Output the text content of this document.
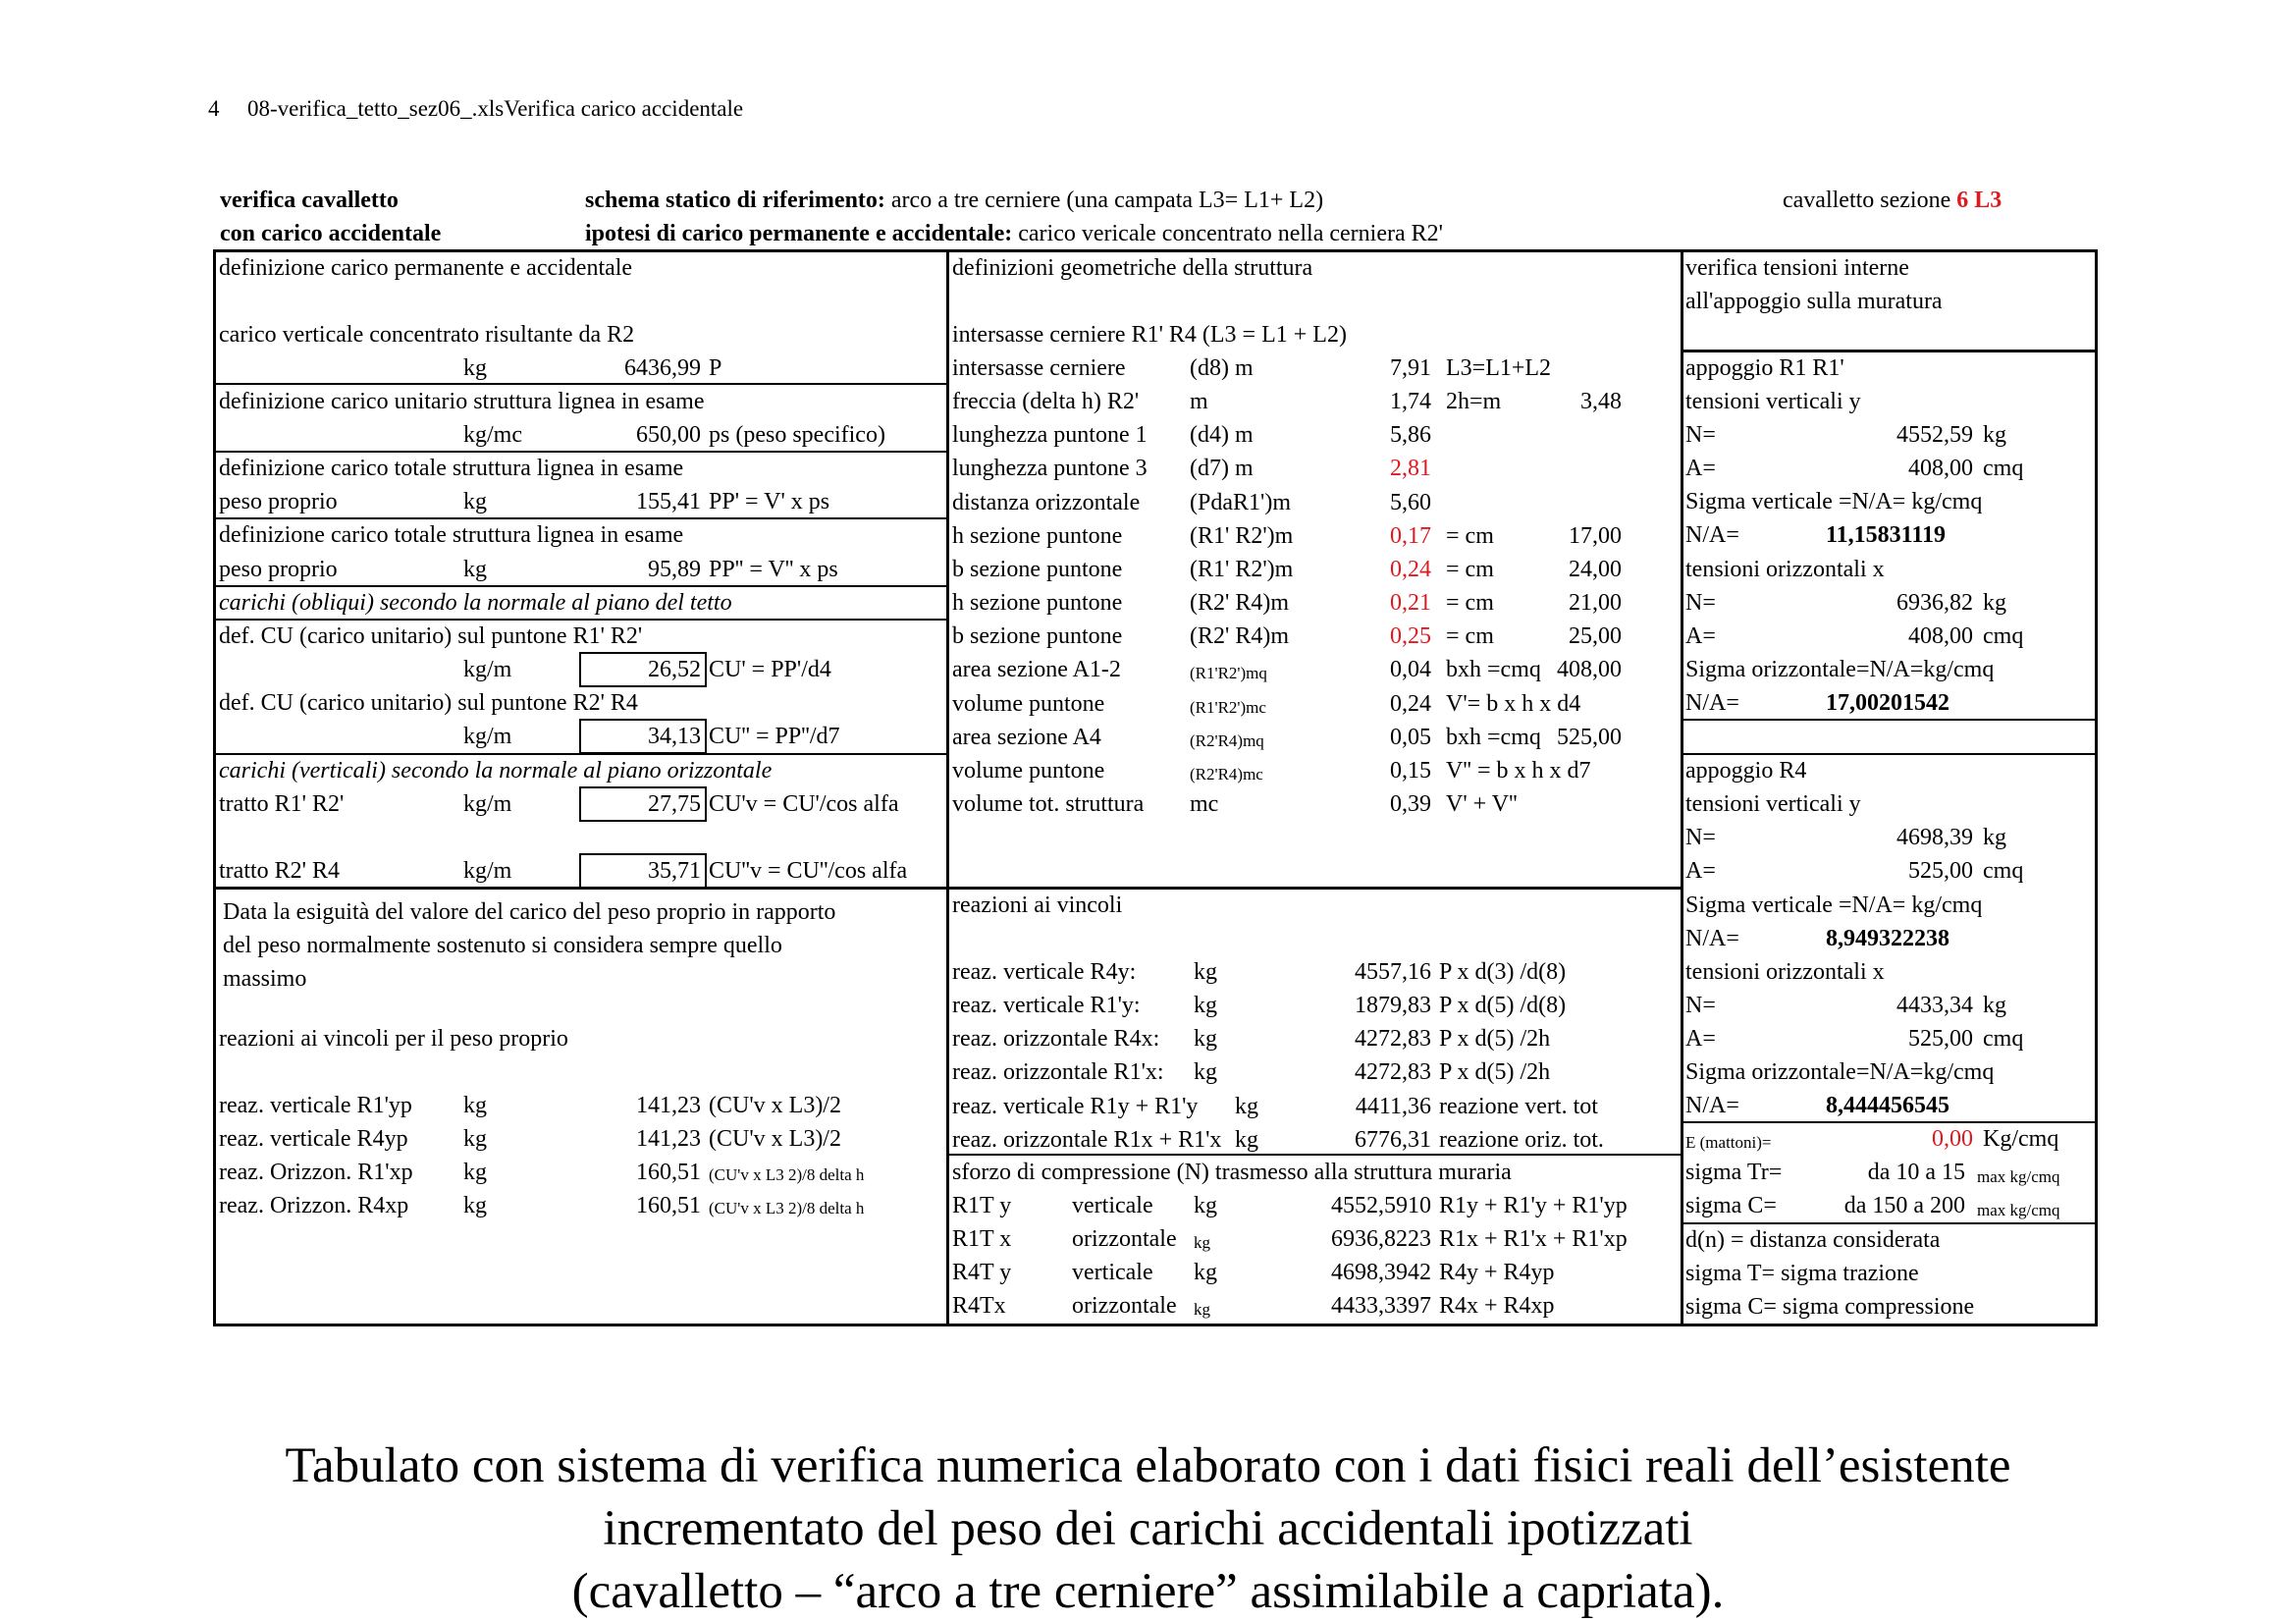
4 08-verifica_tetto_sez06_.xlsVerifica carico accidentale
verifica cavalletto
con carico accidentale
schema statico di riferimento: arco a tre cerniere (una campata L3= L1+ L2)
ipotesi di carico permanente e accidentale: carico vericale concentrato nella cerniera R2'
cavalletto sezione 6 L3
definizione carico permanente e accidentale
carico verticale concentrato risultante da R2
kg	6436,99 P
definizione carico unitario struttura lignea in esame
kg/mc	650,00 ps (peso specifico)
definizione carico totale struttura lignea in esame
peso proprio	kg	155,41 PP' = V' x ps
definizione carico totale struttura lignea in esame
peso proprio	kg	95,89 PP'' = V'' x ps
carichi (obliqui) secondo la normale al piano del tetto
def. CU (carico unitario) sul puntone R1' R2'
kg/m	26,52 CU' = PP'/d4
def. CU (carico unitario) sul puntone R2' R4
kg/m	34,13 CU'' = PP''/d7
carichi (verticali) secondo la normale al piano orizzontale
tratto R1' R2'	kg/m	27,75 CU'v = CU'/cos alfa
tratto R2' R4	kg/m	35,71 CU''v = CU''/cos alfa
Data la esiguità del valore del carico del peso proprio in rapporto
del peso normalmente sostenuto si considera sempre quello
massimo
reazioni ai vincoli per il peso proprio
reaz. verticale R1'yp kg	141,23 (CU'v x L3)/2
reaz. verticale R4yp kg	141,23 (CU'v x L3)/2
reaz. Orizzon. R1'xp kg	160,51 (CU'v x L3 2)/8 delta h
reaz. Orizzon. R4xp kg	160,51 (CU'v x L3 2)/8 delta h
definizioni geometriche della struttura
intersasse cerniere R1' R4 (L3 = L1 + L2)
intersasse cerniere	(d8) m	7,91 L3=L1+L2
freccia (delta h) R2' m	1,74 2h=m	3,48
lunghezza puntone 1 (d4) m	5,86
lunghezza puntone 3 (d7) m	2,81
distanza orizzontale (PdaR1')m	5,60
h sezione puntone	(R1' R2')m	0,17 = cm	17,00
b sezione puntone	(R1' R2')m	0,24 = cm	24,00
h sezione puntone	(R2' R4)m	0,21 = cm	21,00
b sezione puntone	(R2' R4)m	0,25 = cm	25,00
area sezione A1-2	(R1'R2')mq	0,04 bxh =cmq 408,00
volume puntone	(R1'R2')mc	0,24 V'= b x h x d4
area sezione A4	(R2'R4)mq	0,05 bxh =cmq 525,00
volume puntone	(R2'R4)mc	0,15 V'' = b x h x d7
volume tot. struttura mc	0,39 V' + V''
reazioni ai vincoli
reaz. verticale R4y: kg	4557,16 P x d(3) /d(8)
reaz. verticale R1'y: kg	1879,83 P x d(5) /d(8)
reaz. orizzontale R4x: kg	4272,83 P x d(5) /2h
reaz. orizzontale R1'x: kg	4272,83 P x d(5) /2h
reaz. verticale R1y + R1'y kg	4411,36 reazione vert. tot
reaz. orizzontale R1x + R1'x kg	6776,31 reazione oriz. tot.
sforzo di compressione (N) trasmesso alla struttura muraria
R1T y	verticale kg	4552,5910 R1y + R1'y + R1'yp
R1T x	orizzontale kg	6936,8223 R1x + R1'x + R1'xp
R4T y	verticale kg	4698,3942 R4y + R4yp
R4Tx	orizzontale kg	4433,3397 R4x + R4xp
verifica tensioni interne
all'appoggio sulla muratura
appoggio R1 R1'
tensioni verticali y
N=	4552,59 kg
A=	408,00 cmq
Sigma verticale =N/A= kg/cmq
N/A=	11,15831119
tensioni orizzontali x
N=	6936,82 kg
A=	408,00 cmq
Sigma orizzontale=N/A=kg/cmq
N/A=	17,00201542
appoggio R4
tensioni verticali y
N=	4698,39 kg
A=	525,00 cmq
Sigma verticale =N/A= kg/cmq
N/A=	8,949322238
tensioni orizzontali x
N=	4433,34 kg
A=	525,00 cmq
Sigma orizzontale=N/A=kg/cmq
N/A=	8,444456545
E (mattoni)=	0,00 Kg/cmq
sigma Tr=	da 10 a 15 max kg/cmq
sigma C=	da 150 a 200 max kg/cmq
d(n) = distanza considerata
sigma T= sigma trazione
sigma C= sigma compressione
Tabulato con sistema di verifica numerica elaborato con i dati fisici reali dell’esistente
incrementato del peso dei carichi accidentali ipotizzati
(cavalletto – “arco a tre cerniere” assimilabile a capriata).
